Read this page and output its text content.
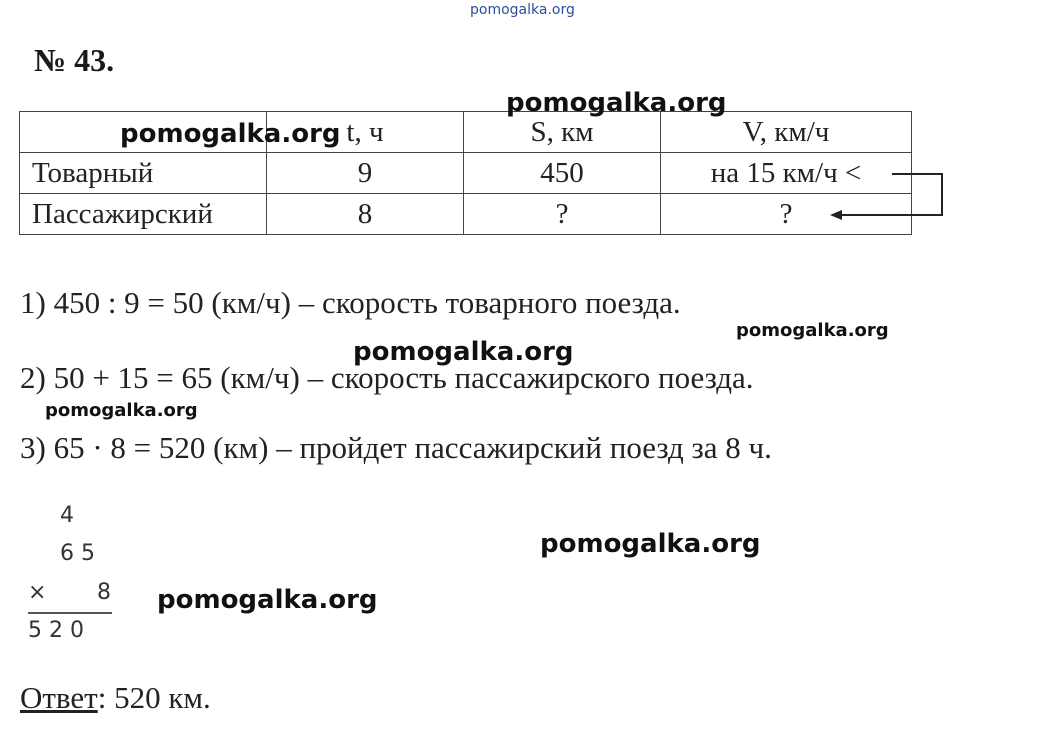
pomogalka.org
№ 43.
	t, ч	S, км	V, км/ч
Товарный	9	450	на 15 км/ч <
Пассажирский	8	?	?
1) 450 : 9 = 50 (км/ч) – скорость товарного поезда.
2) 50 + 15 = 65 (км/ч) – скорость пассажирского поезда.
3) 65 · 8 = 520 (км) – пройдет пассажирский поезд за 8 ч.
4
6 5
× 8
5 2 0
Ответ: 520 км.
pomogalka.org
pomogalka.org
pomogalka.org
pomogalka.org
pomogalka.org
pomogalka.org
pomogalka.org
